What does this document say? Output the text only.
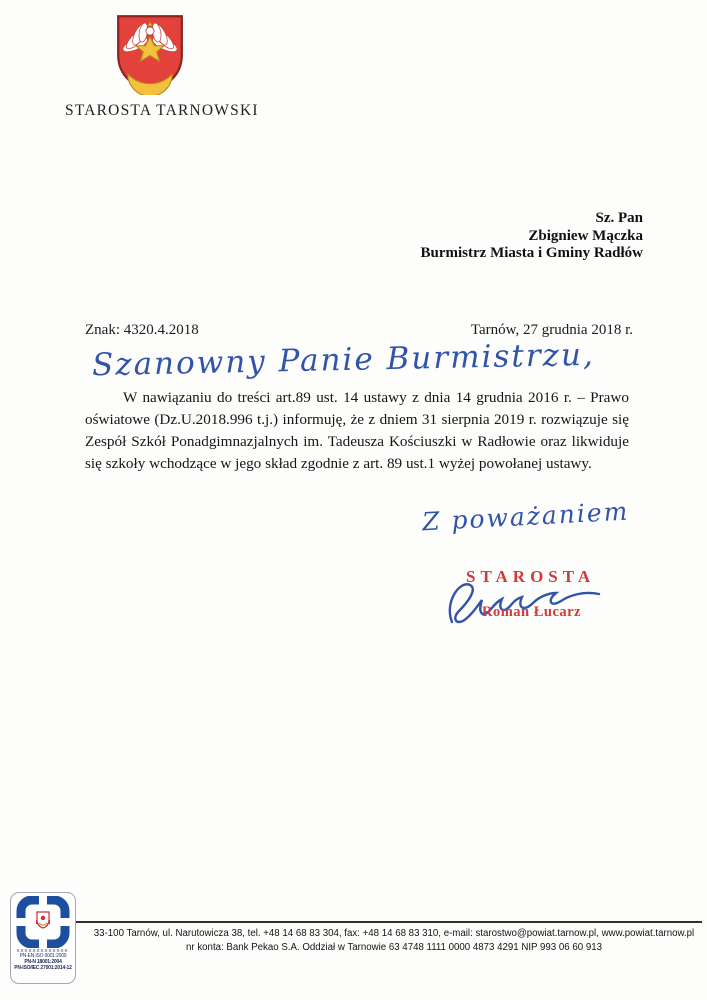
STAROSTA TARNOWSKI
Sz. Pan
Zbigniew Mączka
Burmistrz Miasta i Gminy Radłów
Znak: 4320.4.2018	Tarnów, 27 grudnia 2018 r.
Szanowny Panie Burmistrzu,
W nawiązaniu do treści art.89 ust. 14 ustawy z dnia 14 grudnia 2016 r. – Prawo oświatowe (Dz.U.2018.996 t.j.) informuję, że z dniem 31 sierpnia 2019 r. rozwiązuje się Zespół Szkół Ponadgimnazjalnych im. Tadeusza Kościuszki w Radłowie oraz likwiduje się szkoły wchodzące w jego skład zgodnie z art. 89 ust.1 wyżej powołanej ustawy.
Z poważaniem
STAROSTA
Roman Łucarz
PN-EN ISO 9001:2009
PN-N 18001:2004
PN-ISO/IEC 27001:2014-12
33-100 Tarnów, ul. Narutowicza 38, tel. +48 14 68 83 304, fax: +48 14 68 83 310, e-mail: starostwo@powiat.tarnow.pl, www.powiat.tarnow.pl
nr konta: Bank Pekao S.A. Oddział w Tarnowie 63 4748 1111 0000 4873 4291 NIP 993 06 60 913
